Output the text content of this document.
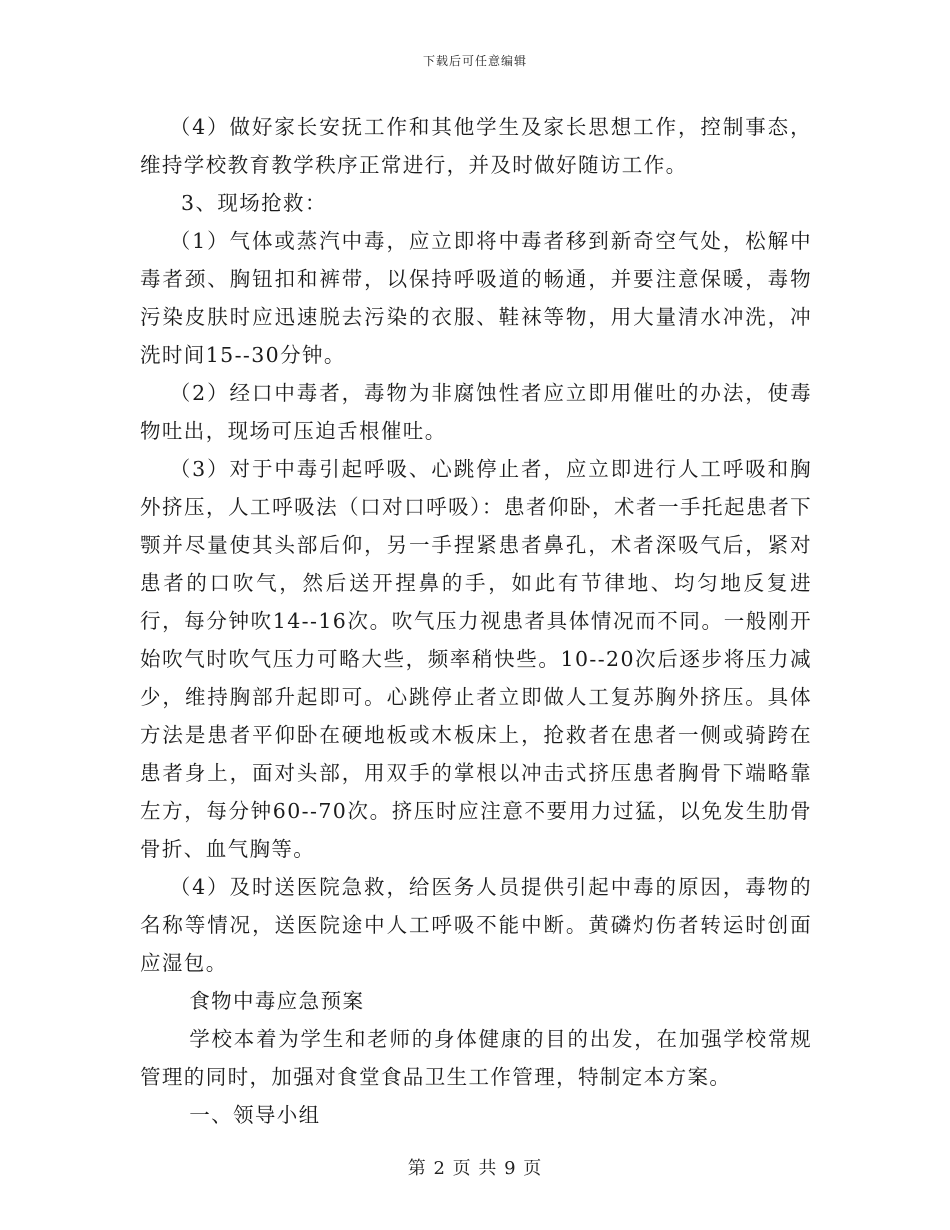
下载后可任意编辑

（4）做好家长安抚工作和其他学生及家长思想工作，控制事态，维持学校教育教学秩序正常进行，并及时做好随访工作。

3、现场抢救：

（1）气体或蒸汽中毒，应立即将中毒者移到新奇空气处，松解中毒者颈、胸钮扣和裤带，以保持呼吸道的畅通，并要注意保暖，毒物污染皮肤时应迅速脱去污染的衣服、鞋袜等物，用大量清水冲洗，冲洗时间15--30分钟。

（2）经口中毒者，毒物为非腐蚀性者应立即用催吐的办法，使毒物吐出，现场可压迫舌根催吐。

（3）对于中毒引起呼吸、心跳停止者，应立即进行人工呼吸和胸外挤压，人工呼吸法（口对口呼吸）：患者仰卧，术者一手托起患者下颚并尽量使其头部后仰，另一手捏紧患者鼻孔，术者深吸气后，紧对患者的口吹气，然后送开捏鼻的手，如此有节律地、均匀地反复进行，每分钟吹14--16次。吹气压力视患者具体情况而不同。一般刚开始吹气时吹气压力可略大些，频率稍快些。10--20次后逐步将压力减少，维持胸部升起即可。心跳停止者立即做人工复苏胸外挤压。具体方法是患者平仰卧在硬地板或木板床上，抢救者在患者一侧或骑跨在患者身上，面对头部，用双手的掌根以冲击式挤压患者胸骨下端略靠左方，每分钟60--70次。挤压时应注意不要用力过猛，以免发生肋骨骨折、血气胸等。

（4）及时送医院急救，给医务人员提供引起中毒的原因，毒物的名称等情况，送医院途中人工呼吸不能中断。黄磷灼伤者转运时创面应湿包。

食物中毒应急预案

学校本着为学生和老师的身体健康的目的出发，在加强学校常规管理的同时，加强对食堂食品卫生工作管理，特制定本方案。

一、领导小组

第 2 页 共 9 页
